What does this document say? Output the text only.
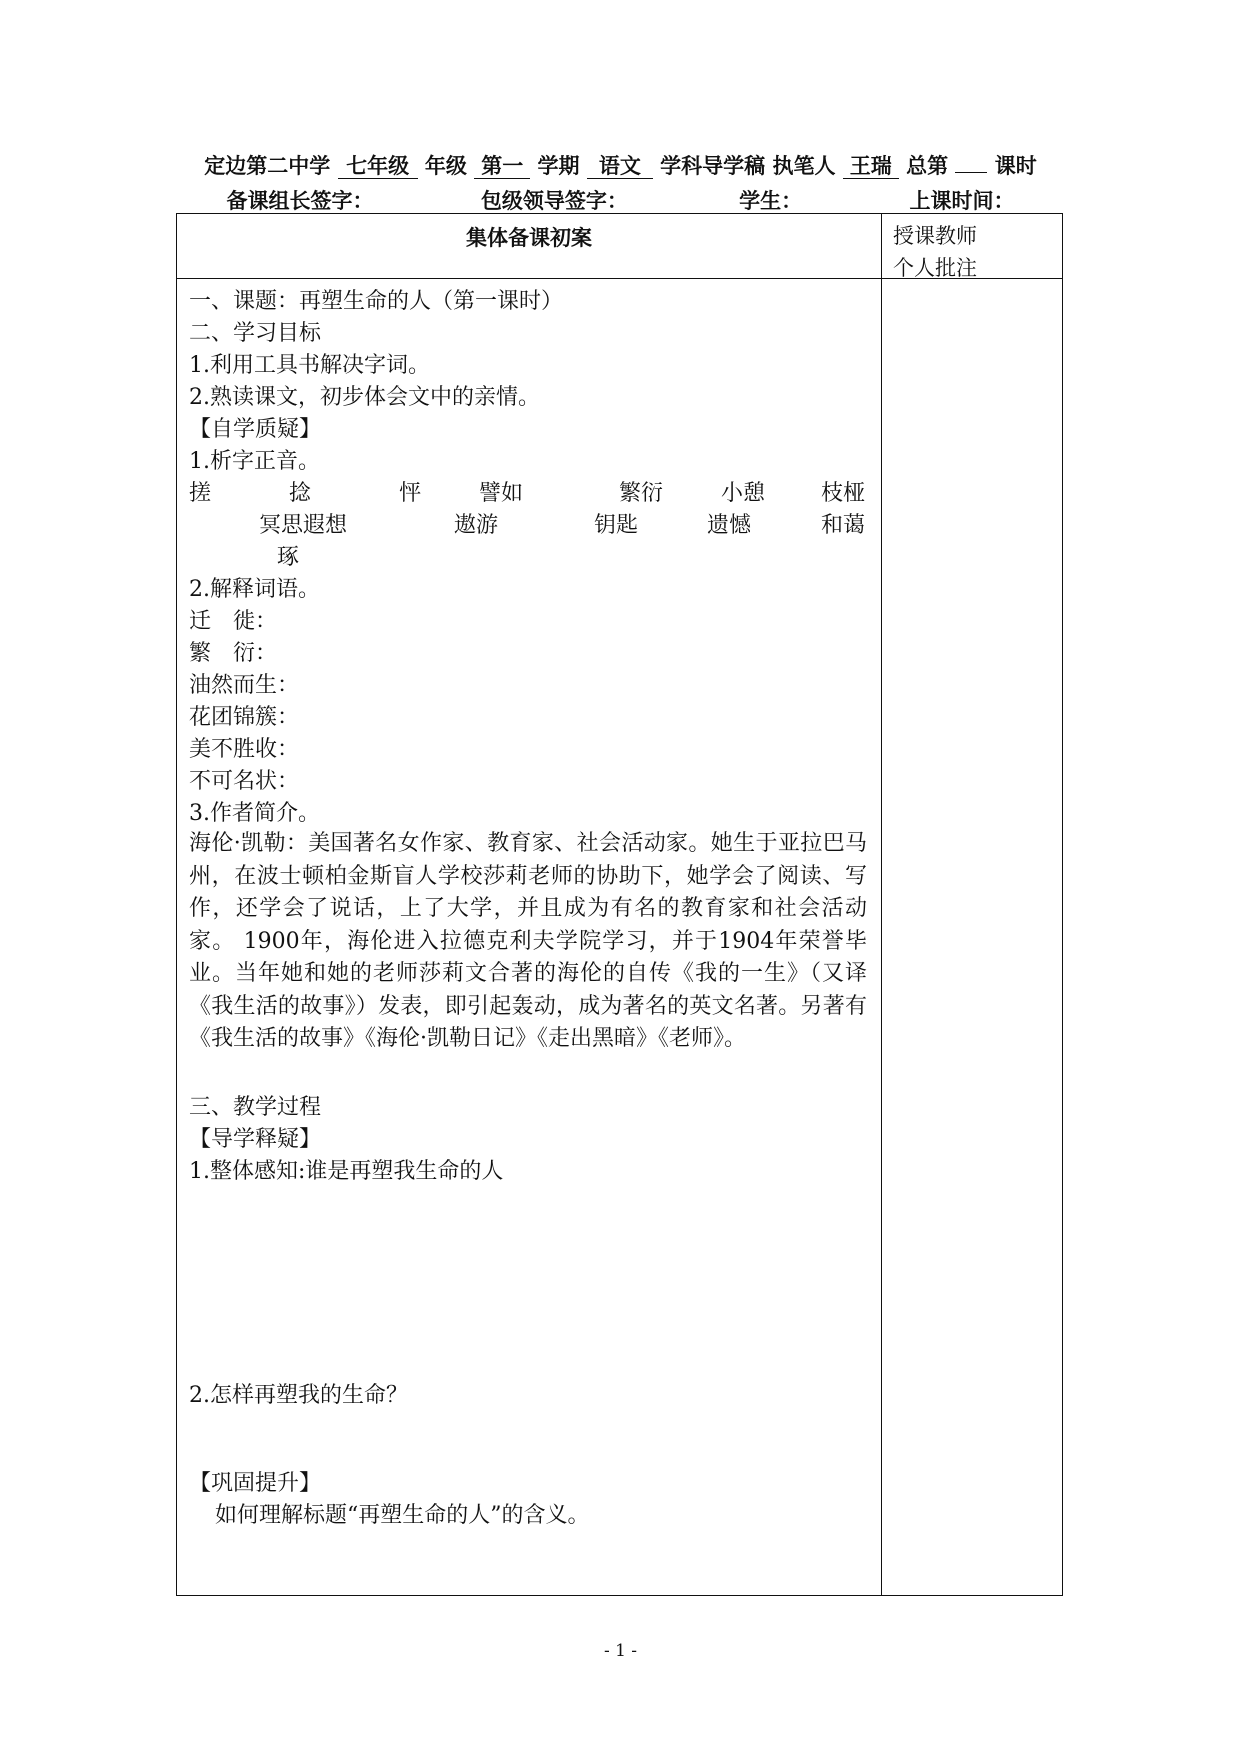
定边第二中学 七年级 年级 第一 学期 语文 学科导学稿 执笔人 王瑞 总第 课时
备课组长签字：	包级领导签字：	学生：	上课时间：
集体备课初案	授课教师
个人批注
一、课题：再塑生命的人（第一课时）
二、学习目标
1.利用工具书解决字词。
2.熟读课文，初步体会文中的亲情。
【自学质疑】
1.析字正音。
搓	捻	怦	譬如	繁衍	小憩	枝桠
冥思遐想	遨游	钥匙	遗憾	和蔼
琢
2.解释词语。
迁　徙：
繁　衍：
油然而生：
花团锦簇：
美不胜收：
不可名状：
3.作者简介。
海伦·凯勒：美国著名女作家、教育家、社会活动家。她生于亚拉巴马州，在波士顿柏金斯盲人学校莎莉老师的协助下，她学会了阅读、写作，还学会了说话，上了大学，并且成为有名的教育家和社会活动家。 1900年，海伦进入拉德克利夫学院学习，并于1904年荣誉毕业。当年她和她的老师莎莉文合著的海伦的自传《我的一生》（又译《我生活的故事》）发表，即引起轰动，成为著名的英文名著。另著有《我生活的故事》《海伦·凯勒日记》《走出黑暗》《老师》。
三、教学过程
【导学释疑】
1.整体感知:谁是再塑我生命的人
2.怎样再塑我的生命？
【巩固提升】
如何理解标题“再塑生命的人”的含义。
- 1 -
